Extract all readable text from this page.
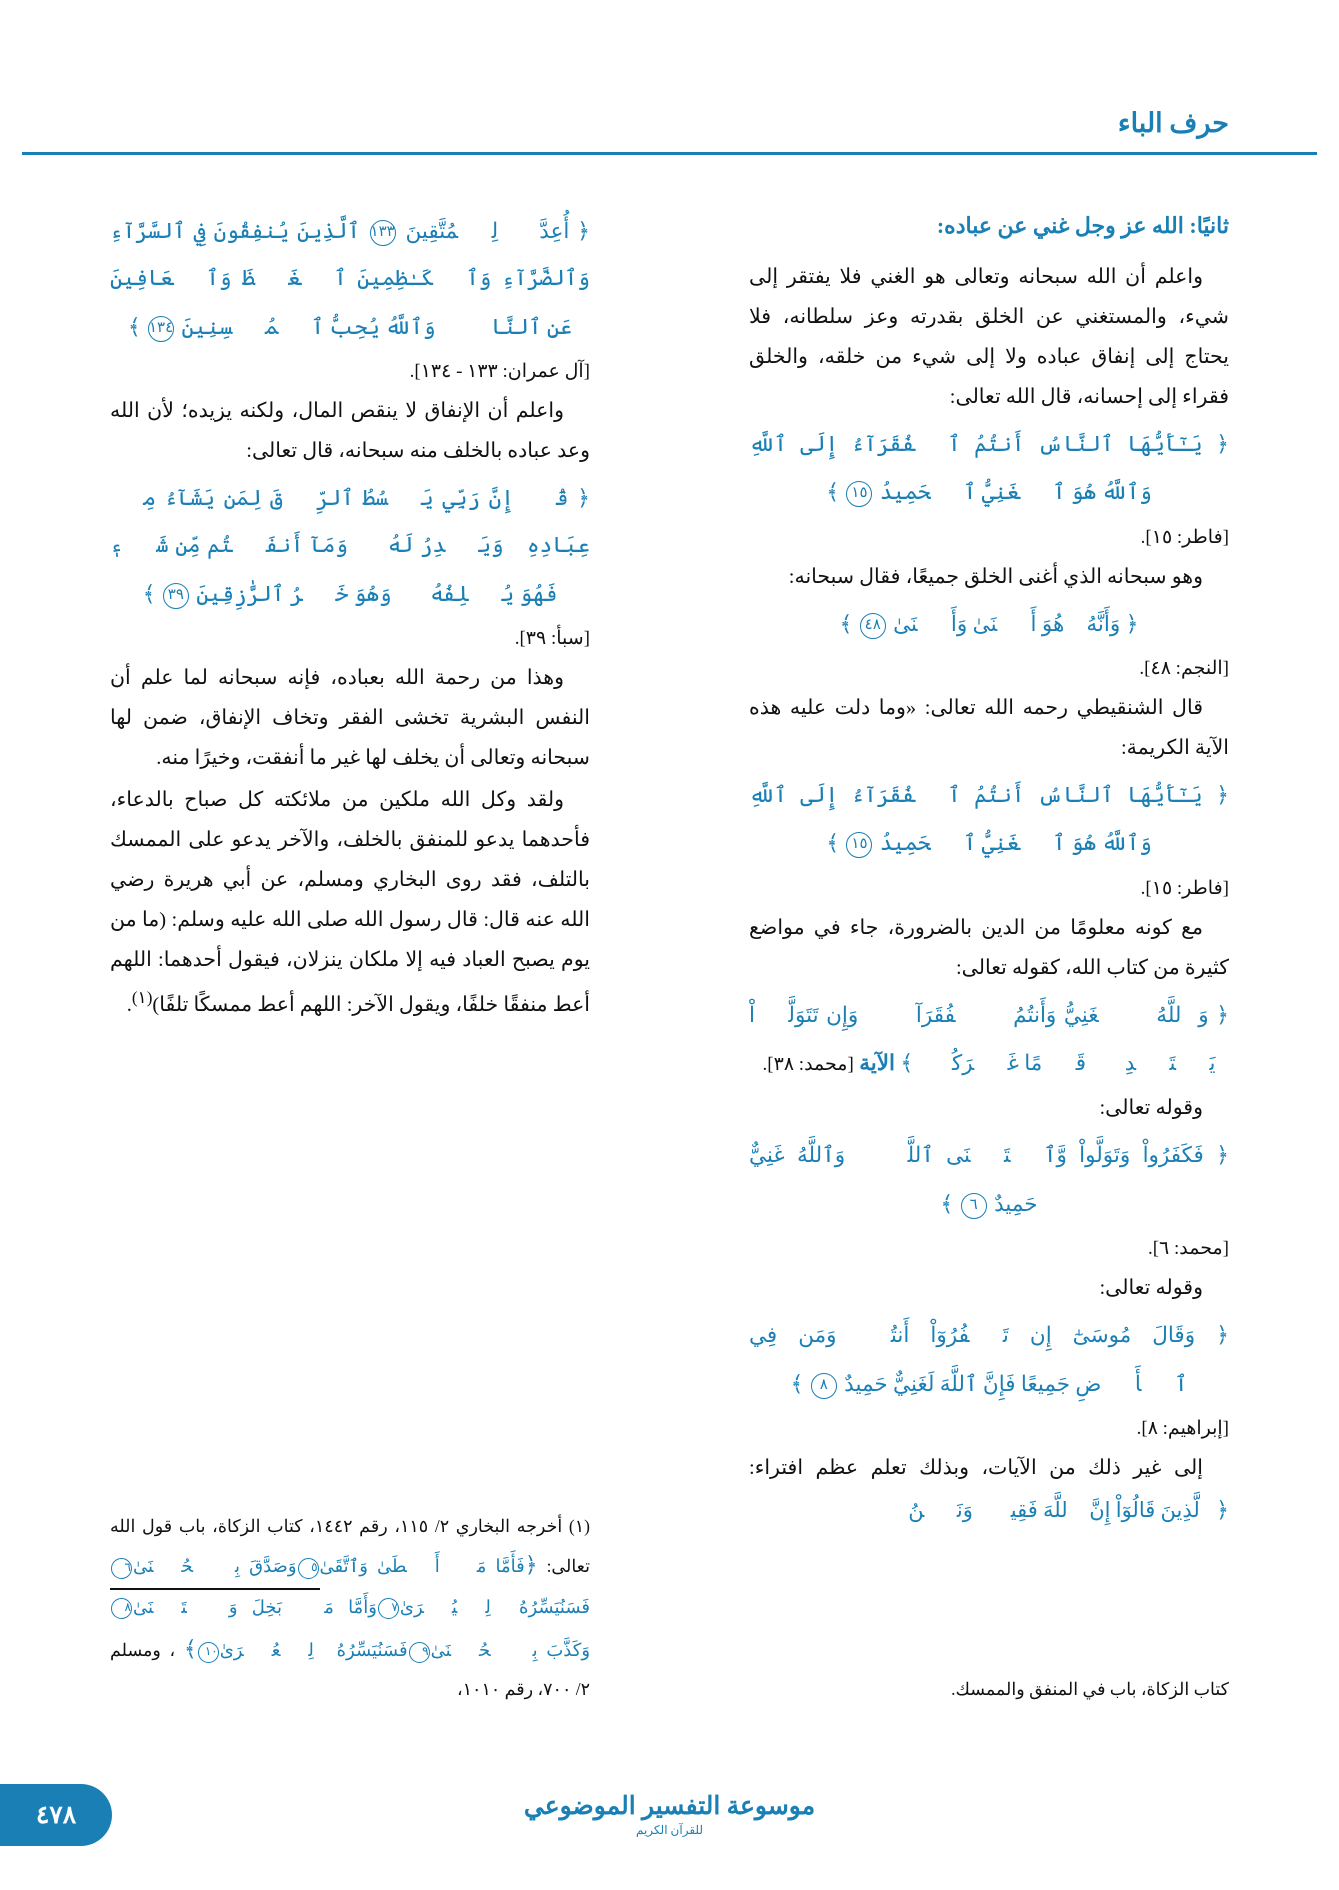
حرف الباء
﴿ أُعِدَّتۡ لِلۡمُتَّقِينَ ١٣٣ ٱلَّذِينَ يُنفِقُونَ فِي ٱلسَّرَّآءِ وَٱلضَّرَّآءِ وَٱلۡكَـٰظِمِينَ ٱلۡغَيۡظَ وَٱلۡعَافِينَ عَنِ ٱلنَّاسِۗ وَٱللَّهُ يُحِبُّ ٱلۡمُحۡسِنِينَ ١٣٤ ﴾

[آل عمران: ١٣٣ - ١٣٤].

واعلم أن الإنفاق لا ينقص المال، ولكنه يزيده؛ لأن الله وعد عباده بالخلف منه سبحانه، قال تعالى:

﴿ قُلۡ إِنَّ رَبِّي يَبۡسُطُ ٱلرِّزۡقَ لِمَن يَشَآءُ مِنۡ عِبَادِهِۦ وَيَقۡدِرُ لَهُۥۚ وَمَآ أَنفَقۡتُم مِّن شَيۡءٖ فَهُوَ يُخۡلِفُهُۥۖ وَهُوَ خَيۡرُ ٱلرَّٰزِقِينَ ٣٩ ﴾

[سبأ: ٣٩].

وهذا من رحمة الله بعباده، فإنه سبحانه لما علم أن النفس البشرية تخشى الفقر وتخاف الإنفاق، ضمن لها سبحانه وتعالى أن يخلف لها غير ما أنفقت، وخيرًا منه.

ولقد وكل الله ملكين من ملائكته كل صباح بالدعاء، فأحدهما يدعو للمنفق بالخلف، والآخر يدعو على الممسك بالتلف، فقد روى البخاري ومسلم، عن أبي هريرة رضي الله عنه قال: قال رسول الله صلى الله عليه وسلم: (ما من يوم يصبح العباد فيه إلا ملكان ينزلان، فيقول أحدهما: اللهم أعط منفقًا خلفًا، ويقول الآخر: اللهم أعط ممسكًا تلفًا)$^{(١)}$.

ثانيًا: الله عز وجل غني عن عباده:

واعلم أن الله سبحانه وتعالى هو الغني فلا يفتقر إلى شيء، والمستغني عن الخلق بقدرته وعز سلطانه، فلا يحتاج إلى إنفاق عباده ولا إلى شيء من خلقه، والخلق فقراء إلى إحسانه، قال الله تعالى:

﴿ يَـٰٓأَيُّهَا ٱلنَّاسُ أَنتُمُ ٱلۡفُقَرَآءُ إِلَى ٱللَّهِ وَٱللَّهُ هُوَ ٱلۡغَنِيُّ ٱلۡحَمِيدُ ١٥ ﴾

[فاطر: ١٥].

وهو سبحانه الذي أغنى الخلق جميعًا، فقال سبحانه:

﴿ وَأَنَّهُۥ هُوَ أَغۡنَىٰ وَأَقۡنَىٰ ٤٨ ﴾

[النجم: ٤٨].

قال الشنقيطي رحمه الله تعالى: «وما دلت عليه هذه الآية الكريمة:

﴿ يَـٰٓأَيُّهَا ٱلنَّاسُ أَنتُمُ ٱلۡفُقَرَآءُ إِلَى ٱللَّهِ وَٱللَّهُ هُوَ ٱلۡغَنِيُّ ٱلۡحَمِيدُ ١٥ ﴾

[فاطر: ١٥].

مع كونه معلومًا من الدين بالضرورة، جاء في مواضع كثيرة من كتاب الله، كقوله تعالى:

﴿ وَٱللَّهُ ٱلۡغَنِيُّ وَأَنتُمُ ٱلۡفُقَرَآءُۚ وَإِن تَتَوَلَّوۡاْ يَسۡتَبۡدِلۡ قَوۡمًا غَيۡرَكُمۡ ﴾ الآية [محمد: ٣٨].

وقوله تعالى:

﴿ فَكَفَرُواْ وَتَوَلَّواْ وَّٱسۡتَغۡنَى ٱللَّهُۚ وَٱللَّهُ غَنِيٌّ حَمِيدٌ ٦ ﴾

[محمد: ٦].

وقوله تعالى:

﴿ وَقَالَ مُوسَىٰٓ إِن تَكۡفُرُوٓاْ أَنتُمۡ وَمَن فِي ٱلۡأَرۡضِ جَمِيعًا فَإِنَّ ٱللَّهَ لَغَنِيٌّ حَمِيدٌ ٨ ﴾

[إبراهيم: ٨].

إلى غير ذلك من الآيات، وبذلك تعلم عظم افتراء: ﴿ٱلَّذِينَ قَالُوٓاْ إِنَّ ٱللَّهَ فَقِيرٞ وَنَحۡنُ

كتاب الزكاة، باب في المنفق والممسك.
(١) أخرجه البخاري ٢/ ١١٥، رقم ١٤٤٢، كتاب الزكاة، باب قول الله تعالى: ﴿فَأَمَّا مَنۡ أَعۡطَىٰ وَٱتَّقَىٰ٥وَصَدَّقَ بِٱلۡحُسۡنَىٰ٦فَسَنُيَسِّرُهُۥ لِلۡيُسۡرَىٰ٧وَأَمَّا مَنۢ بَخِلَ وَٱسۡتَغۡنَىٰ٨وَكَذَّبَ بِٱلۡحُسۡنَىٰ٩فَسَنُيَسِّرُهُۥ لِلۡعُسۡرَىٰ١٠﴾ ، ومسلم ٢/ ٧٠٠، رقم ١٠١٠،
موسوعة التفسير الموضوعي
للقرآن الكريم
٤٧٨
